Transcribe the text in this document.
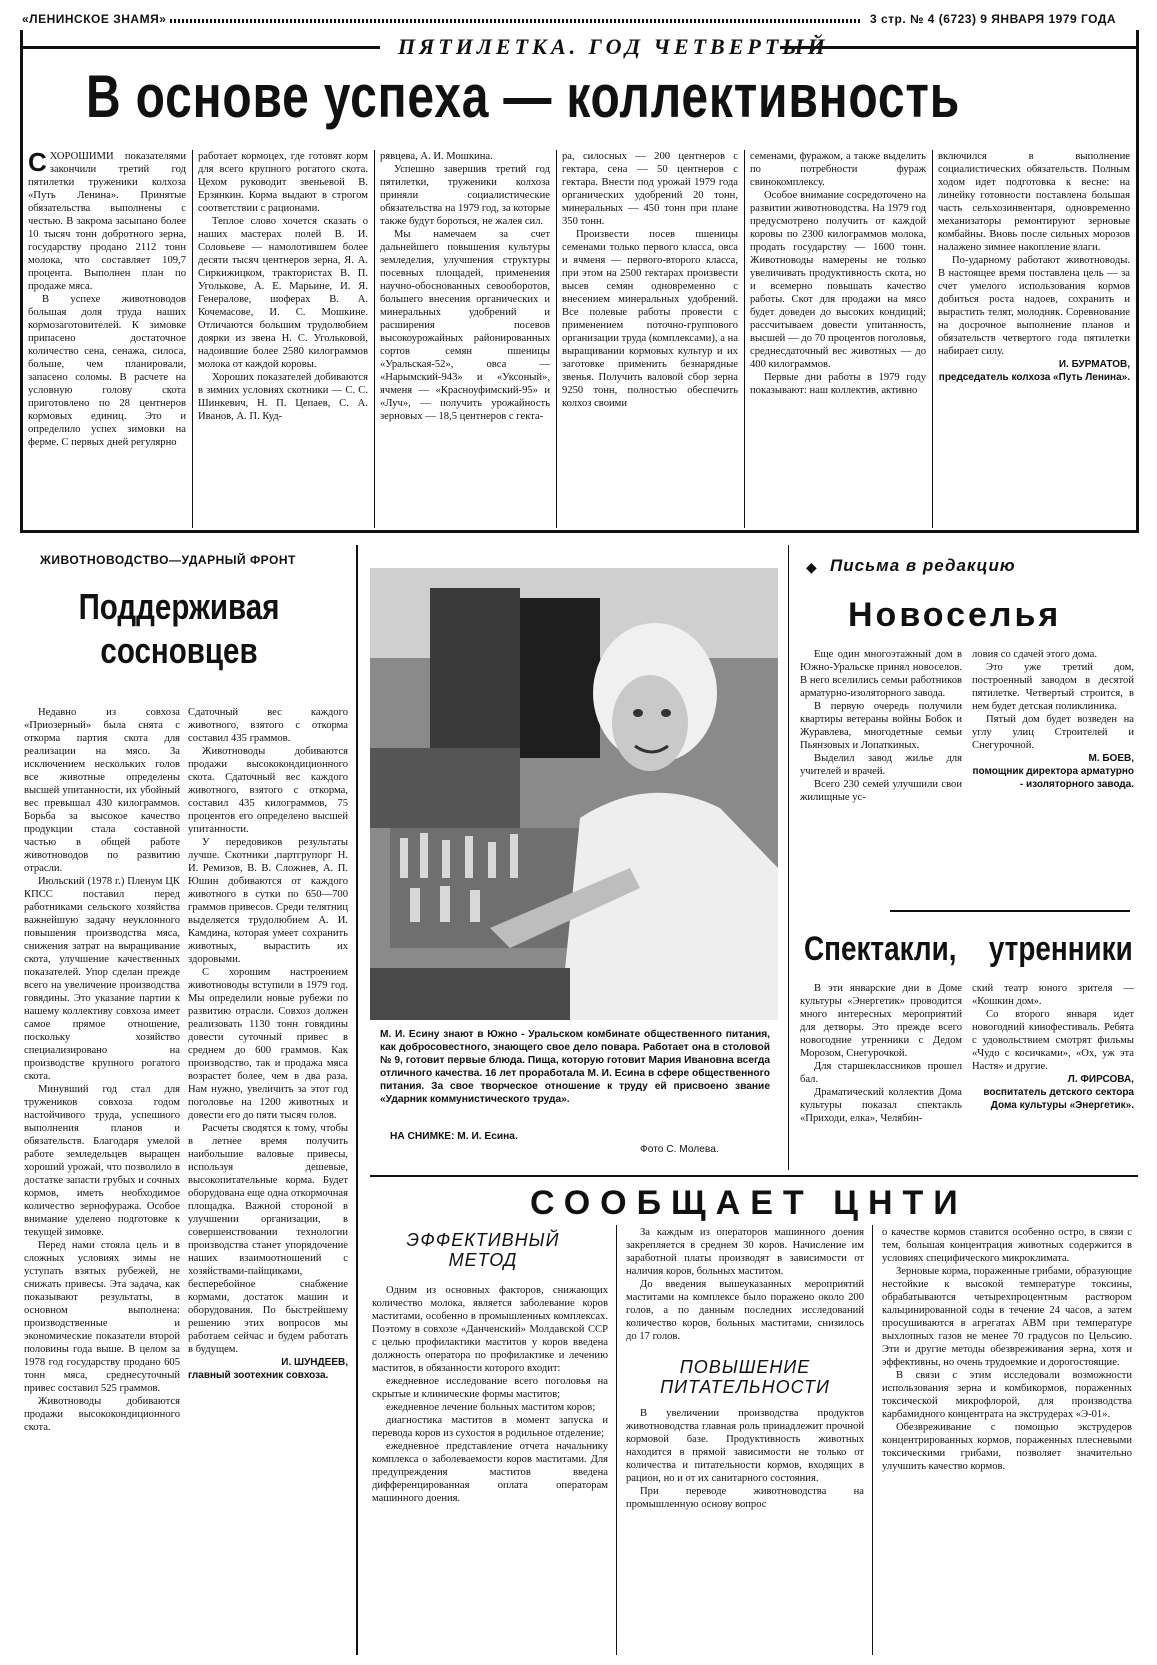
«ЛЕНИНСКОЕ ЗНАМЯ»	3 стр. № 4 (6723) 9 ЯНВАРЯ 1979 ГОДА
ПЯТИЛЕТКА. ГОД ЧЕТВЕРТЫЙ
В основе успеха — коллективность

СХОРОШИМИ показателями закончили третий год пятилетки труженики колхоза «Путь Ленина». Принятые обязательства выполнены с честью. В закрома засыпано более 10 тысяч тонн добротного зерна, государству продано 2112 тонн молока, что составляет 109,7 процента. Выполнен план по продаже мяса.

В успехе животноводов большая доля труда наших кормозаготовителей. К зимовке припасено достаточное количество сена, сенажа, силоса, больше, чем планировали, запасено соломы. В расчете на условную голову скота приготовлено по 28 центнеров кормовых единиц. Это и определило успех зимовки на ферме. С первых дней регулярно

работает кормоцех, где готовят корм для всего крупного рогатого скота. Цехом руководит звеньевой В. Ерзянкин. Корма выдают в строгом соответствии с рационами.

Теплое слово хочется сказать о наших мастерах полей В. И. Соловьеве — намолотившем более десяти тысяч центнеров зерна, Я. А. Сиркижицком, трактористах В. П. Уголькове, А. Е. Марьине, И. Я. Генералове, шоферах В. А. Кочемасове, И. С. Мошкине. Отличаются большим трудолюбием доярки из звена Н. С. Угольковой, надоившие более 2580 килограммов молока от каждой коровы.

Хороших показателей добиваются в зимних условиях скотники — С. С. Шинкевич, Н. П. Цепаев, С. А. Иванов, А. П. Куд-

рявцева, А. И. Мошкина.

Успешно завершив третий год пятилетки, труженики колхоза приняли социалистические обязательства на 1979 год, за которые также будут бороться, не жалея сил.

Мы намечаем за счет дальнейшего повышения культуры земледелия, улучшения структуры посевных площадей, применения научно-обоснованных севооборотов, большего внесения органических и минеральных удобрений и расширения посевов высокоурожайных районированных сортов семян пшеницы «Уральская-52», овса — «Нарымский-943» и «Уксоный», ячменя — «Красноуфимский-95» и «Луч», — получить урожайность зерновых — 18,5 центнеров с гекта-

ра, силосных — 200 центнеров с гектара, сена — 50 центнеров с гектара. Внести под урожай 1979 года органических удобрений 20 тонн, минеральных — 450 тонн при плане 350 тонн.

Произвести посев пшеницы семенами только первого класса, овса и ячменя — первого-второго класса, при этом на 2500 гектарах произвести высев семян одновременно с внесением минеральных удобрений. Все полевые работы провести с применением поточно-группового организации труда (комплексами), а на выращивании кормовых культур и их заготовке применить безнарядные звенья. Получить валовой сбор зерна 9250 тонн, полностью обеспечить колхоз своими

семенами, фуражом, а также выделить по потребности фураж свинокомплексу.

Особое внимание сосредоточено на развитии животноводства. На 1979 год предусмотрено получить от каждой коровы по 2300 килограммов молока, продать государству — 1600 тонн. Животноводы намерены не только увеличивать продуктивность скота, но и всемерно повышать качество работы. Скот для продажи на мясо будет доведен до высоких кондиций; рассчитываем довести упитанность, высшей — до 70 процентов поголовья, среднесдаточный вес животных — до 400 килограммов.

Первые дни работы в 1979 году показывают: наш коллектив, активно

включился в выполнение социалистических обязательств. Полным ходом идет подготовка к весне: на линейку готовности поставлена большая часть сельхозинвентаря, одновременно механизаторы ремонтируют зерновые комбайны. Вновь после сильных морозов налажено зимнее накопление влаги.

По-ударному работают животноводы. В настоящее время поставлена цель — за счет умелого использования кормов добиться роста надоев, сохранить и вырастить телят, молодняк. Соревнование на досрочное выполнение планов и обязательств четвертого года пятилетки набирает силу.

И. БУРМАТОВ,

председатель колхоза «Путь Ленина».

ЖИВОТНОВОДСТВО—УДАРНЫЙ ФРОНТ
Поддерживая сосновцев

Недавно из совхоза «Приозерный» была снята с откорма партия скота для реализации на мясо. За исключением нескольких голов все животные определены высшей упитанности, их убойный вес превышал 430 килограммов. Борьба за высокое качество продукции стала составной частью в общей работе животноводов по развитию отрасли.

Июльский (1978 г.) Пленум ЦК КПСС поставил перед работниками сельского хозяйства важнейшую задачу неуклонного повышения производства мяса, снижения затрат на выращивание скота, улучшение качественных показателей. Упор сделан прежде всего на увеличение производства говядины. Это указание партии к нашему коллективу совхоза имеет самое прямое отношение, поскольку хозяйство специализировано на производстве крупного рогатого скота.

Минувший год стал для тружеников совхоза годом настойчивого труда, успешного выполнения планов и обязательств. Благодаря умелой работе земледельцев выращен хороший урожай, что позволило в достатке запасти грубых и сочных кормов, иметь необходимое количество зернофуража. Особое внимание уделено подготовке к текущей зимовке.

Перед нами стояла цель и в сложных условиях зимы не уступать взятых рубежей, не снижать привесы. Эта задача, как показывают результаты, в основном выполнена: производственные и экономические показатели второй половины года выше. В целом за 1978 год государству продано 605 тонн мяса, среднесуточный привес составил 525 граммов.

Животноводы добиваются продажи высококондиционного скота.

Сдаточный вес каждого животного, взятого с откорма составил 435 граммов.

Животноводы добиваются продажи высококондиционного скота. Сдаточный вес каждого животного, взятого с откорма, составил 435 килограммов, 75 процентов его определено высшей упитанности.

У передовиков результаты лучше. Скотники ,партгрупорг Н. И. Ремизов, В. В. Сложнев, А. П. Юшин добиваются от каждого животного в сутки по 650—700 граммов привесов. Среди телятниц выделяется трудолюбием А. И. Камдина, которая умеет сохранить животных, вырастить их здоровыми.

С хорошим настроением животноводы вступили в 1979 год. Мы определили новые рубежи по развитию отрасли. Совхоз должен реализовать 1130 тонн говядины довести суточный привес в среднем до 600 граммов. Как производство, так и продажа мяса возрастет более, чем в два раза. Нам нужно, увеличить за этот год поголовье на 1200 животных и довести его до пяти тысяч голов.

Расчеты сводятся к тому, чтобы в летнее время получить наибольшие валовые привесы, используя дешевые, высокопитательные корма. Будет оборудована еще одна откормочная площадка. Важной стороной в улучшении организации, в совершенствовании технологии производства станет упорядочение наших взаимоотношений с хозяйствами-пайщиками, бесперебойное снабжение кормами, достаток машин и оборудования. По быстрейшему решению этих вопросов мы работаем сейчас и будем работать в будущем.

И. ШУНДЕЕВ,

главный зоотехник совхоза.

М. И. Есину знают в Южно - Уральском комбинате общественного питания, как добросовестного, знающего свое дело повара. Работает она в столовой № 9, готовит первые блюда. Пища, которую готовит Мария Ивановна всегда отличного качества. 16 лет проработала М. И. Есина в сфере общественного питания. За свое творческое отношение к труду ей присвоено звание «Ударник коммунистического труда».
НА СНИМКЕ: М. И. Есина.
Фото С. Молева.
◆ Письма в редакцию
Новоселья

Еще один многоэтажный дом в Южно-Уральске принял новоселов. В него вселились семьи работников арматурно-изоляторного завода.

В первую очередь получили квартиры ветераны войны Бобок и Журавлева, многодетные семьи Пьянзовых и Лопаткиных.

Выделил завод жилье для учителей и врачей.

Всего 230 семей улучшили свои жилищные ус-

ловия со сдачей этого дома.

Это уже третий дом, построенный заводом в десятой пятилетке. Четвертый строится, в нем будет детская поликлиника.

Пятый дом будет возведен на углу улиц Строителей и Снегурочной.

М. БОЕВ,

помощник директора арматурно - изоляторного завода.

Спектакли, утренники

В эти январские дни в Доме культуры «Энергетик» проводится много интересных мероприятий для детворы. Это прежде всего новогодние утренники с Дедом Морозом, Снегурочкой.

Для старшеклассников прошел бал.

Драматический коллектив Дома культуры показал спектакль «Приходи, елка», Челябин-

ский театр юного зрителя — «Кошкин дом».

Со второго января идет новогодний кинофестиваль. Ребята с удовольствием смотрят фильмы «Чудо с косичками», «Ох, уж эта Настя» и другие.

Л. ФИРСОВА,

воспитатель детского сектора Дома культуры «Энергетик».

СООБЩАЕТ ЦНТИ
ЭФФЕКТИВНЫЙ МЕТОД

Одним из основных факторов, снижающих количество молока, является заболевание коров маститами, особенно в промышленных комплексах. Поэтому в совхозе «Данченский» Молдавской ССР с целью профилактики маститов у коров введена должность оператора по профилактике и лечению маститов, в обязанности которого входит:

ежедневное исследование всего поголовья на скрытые и клинические формы маститов;

ежедневное лечение больных маститом коров;

диагностика маститов в момент запуска и перевода коров из сухостоя в родильное отделение;

ежедневное представление отчета начальнику комплекса о заболеваемости коров маститами. Для предупреждения маститов введена дифференцированная оплата операторам машинного доения.

За каждым из операторов машинного доения закрепляется в среднем 30 коров. Начисление им заработной платы производят в зависимости от наличия коров, больных маститом.

До введения вышеуказанных мероприятий маститами на комплексе было поражено около 200 голов, а по данным последних исследований количество коров, больных маститами, снизилось до 17 голов.

ПОВЫШЕНИЕ ПИТАТЕЛЬНОСТИ

В увеличении производства продуктов животноводства главная роль принадлежит прочной кормовой базе. Продуктивность животных находится в прямой зависимости не только от количества и питательности кормов, входящих в рацион, но и от их санитарного состояния.

При переводе животноводства на промышленную основу вопрос

о качестве кормов ставится особенно остро, в связи с тем, большая концентрация животных содержится в условиях специфического микроклимата.

Зерновые корма, пораженные грибами, образующие нестойкие к высокой температуре токсины, обрабатываются четырехпроцентным раствором кальцинированной соды в течение 24 часов, а затем просушиваются в агрегатах АВМ при температуре выхлопных газов не менее 70 градусов по Цельсию. Эти и другие методы обезвреживания зерна, хотя и эффективны, но очень трудоемкие и дорогостоящие.

В связи с этим исследовали возможности использования зерна и комбикормов, пораженных токсической микрофлорой, для производства карбамидного концентрата на экструдерах «Э-01».

Обезвреживание с помощью экструдеров концентрированных кормов, пораженных плесневыми токсическими грибами, позволяет значительно улучшить качество кормов.
